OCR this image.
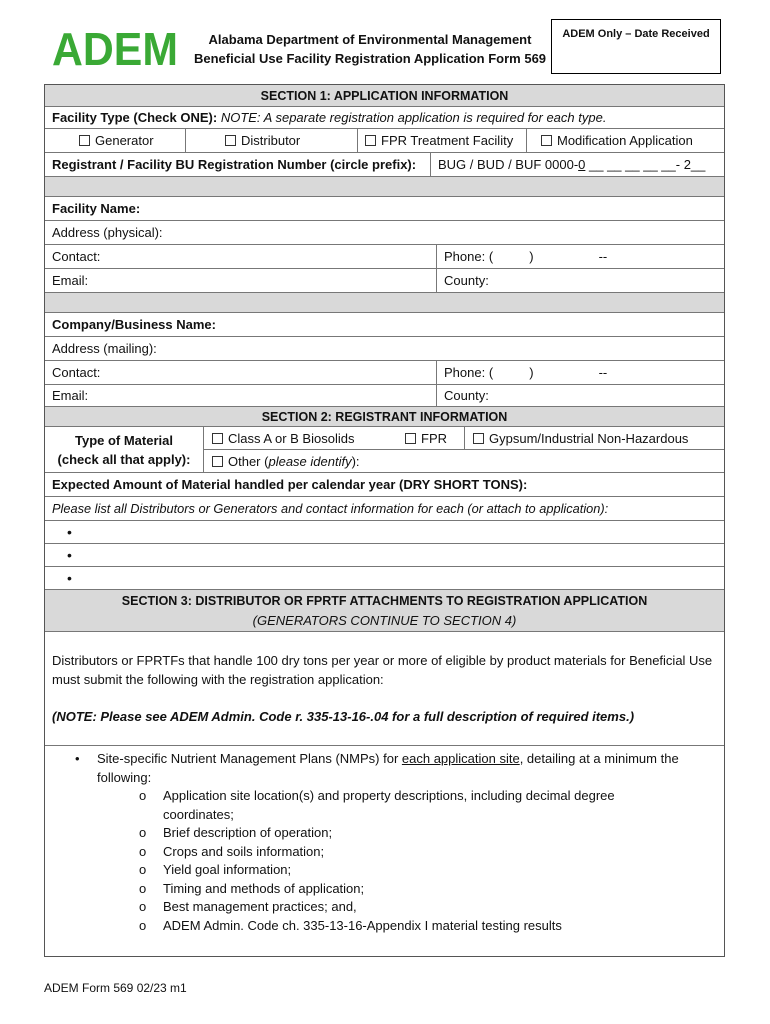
ADEM	Alabama Department of Environmental Management
Beneficial Use Facility Registration Application Form 569
ADEM Only – Date Received
SECTION 1: APPLICATION INFORMATION
Facility Type (Check ONE):
NOTE: A separate registration application is required for each type.
Generator	Distributor	FPR Treatment Facility	Modification Application
Registrant / Facility BU Registration Number (circle prefix):	BUG / BUD / BUF 0000- 0 __ __ __ __ __- 2__
Facility Name:
Address (physical):
Contact:	Phone: (          )                  --
Email:	County:
Company/Business Name:
Address (mailing):
Contact:	Phone: (          )                  --
Email:	County:
SECTION 2: REGISTRANT INFORMATION
Type of Material
(check all that apply):
Class A or B Biosolids	FPR	Gypsum/Industrial Non-Hazardous
Other ( please identify ):
Expected Amount of Material handled per calendar year (DRY SHORT TONS):
Please list all Distributors or Generators and contact information for each (or attach to application):
•
•
•
SECTION 3: DISTRIBUTOR OR FPRTF ATTACHMENTS TO REGISTRATION APPLICATION
(GENERATORS CONTINUE TO SECTION 4)
Distributors or FPRTFs that handle 100 dry tons per year or more of eligible by product materials for Beneficial Use must submit the following with the registration application:
(NOTE: Please see ADEM Admin. Code r. 335-13-16-.04 for a full description of required items.)
• Site-specific Nutrient Management Plans (NMPs) for each application site, detailing at a minimum the following:
o Application site location(s) and property descriptions, including decimal degree coordinates;
o Brief description of operation;
o Crops and soils information;
o Yield goal information;
o Timing and methods of application;
o Best management practices; and,
o ADEM Admin. Code ch. 335-13-16-Appendix I material testing results
ADEM Form 569 02/23 m1
